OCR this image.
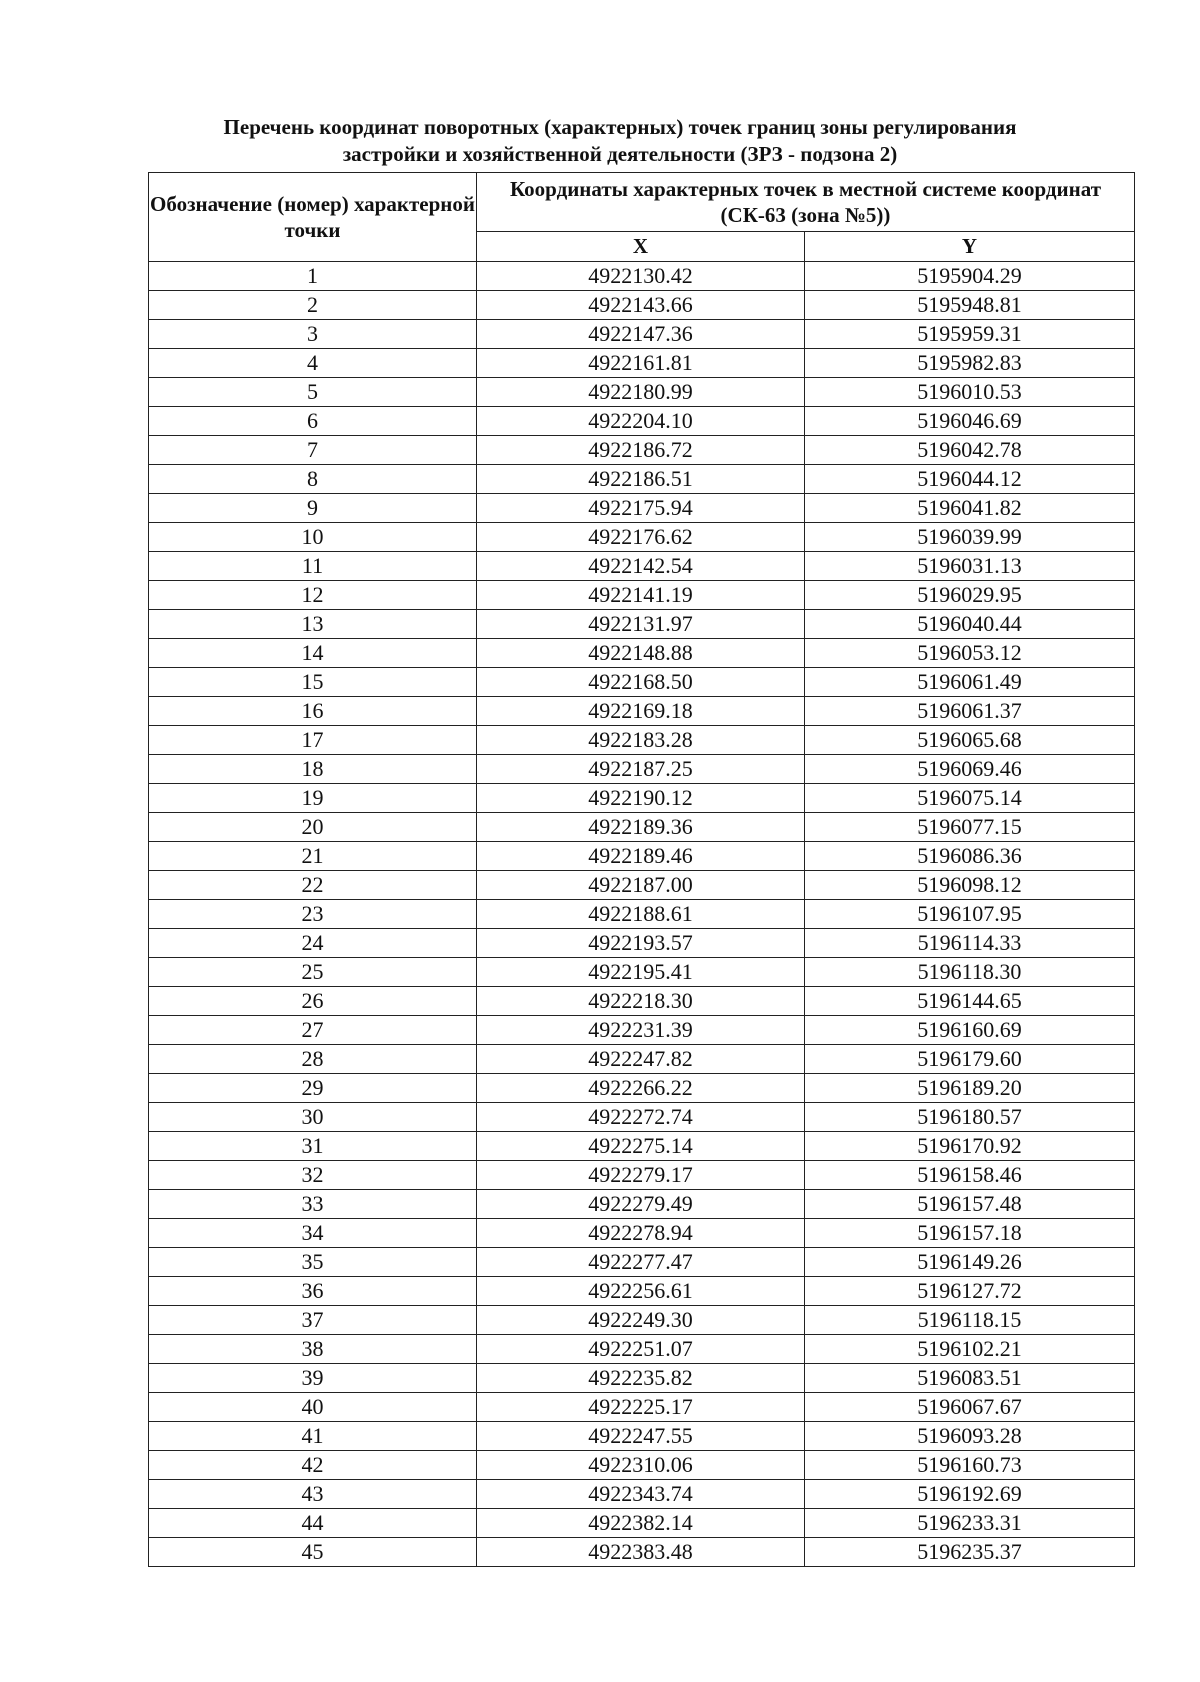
Перечень координат поворотных (характерных) точек границ зоны регулирования
застройки и хозяйственной деятельности (ЗРЗ - подзона 2)
Обозначение (номер) характерной точки	Координаты характерных точек в местной системе координат (СК-63 (зона №5))	
	X	Y
1	4922130.42	5195904.29
2	4922143.66	5195948.81
3	4922147.36	5195959.31
4	4922161.81	5195982.83
5	4922180.99	5196010.53
6	4922204.10	5196046.69
7	4922186.72	5196042.78
8	4922186.51	5196044.12
9	4922175.94	5196041.82
10	4922176.62	5196039.99
11	4922142.54	5196031.13
12	4922141.19	5196029.95
13	4922131.97	5196040.44
14	4922148.88	5196053.12
15	4922168.50	5196061.49
16	4922169.18	5196061.37
17	4922183.28	5196065.68
18	4922187.25	5196069.46
19	4922190.12	5196075.14
20	4922189.36	5196077.15
21	4922189.46	5196086.36
22	4922187.00	5196098.12
23	4922188.61	5196107.95
24	4922193.57	5196114.33
25	4922195.41	5196118.30
26	4922218.30	5196144.65
27	4922231.39	5196160.69
28	4922247.82	5196179.60
29	4922266.22	5196189.20
30	4922272.74	5196180.57
31	4922275.14	5196170.92
32	4922279.17	5196158.46
33	4922279.49	5196157.48
34	4922278.94	5196157.18
35	4922277.47	5196149.26
36	4922256.61	5196127.72
37	4922249.30	5196118.15
38	4922251.07	5196102.21
39	4922235.82	5196083.51
40	4922225.17	5196067.67
41	4922247.55	5196093.28
42	4922310.06	5196160.73
43	4922343.74	5196192.69
44	4922382.14	5196233.31
45	4922383.48	5196235.37
